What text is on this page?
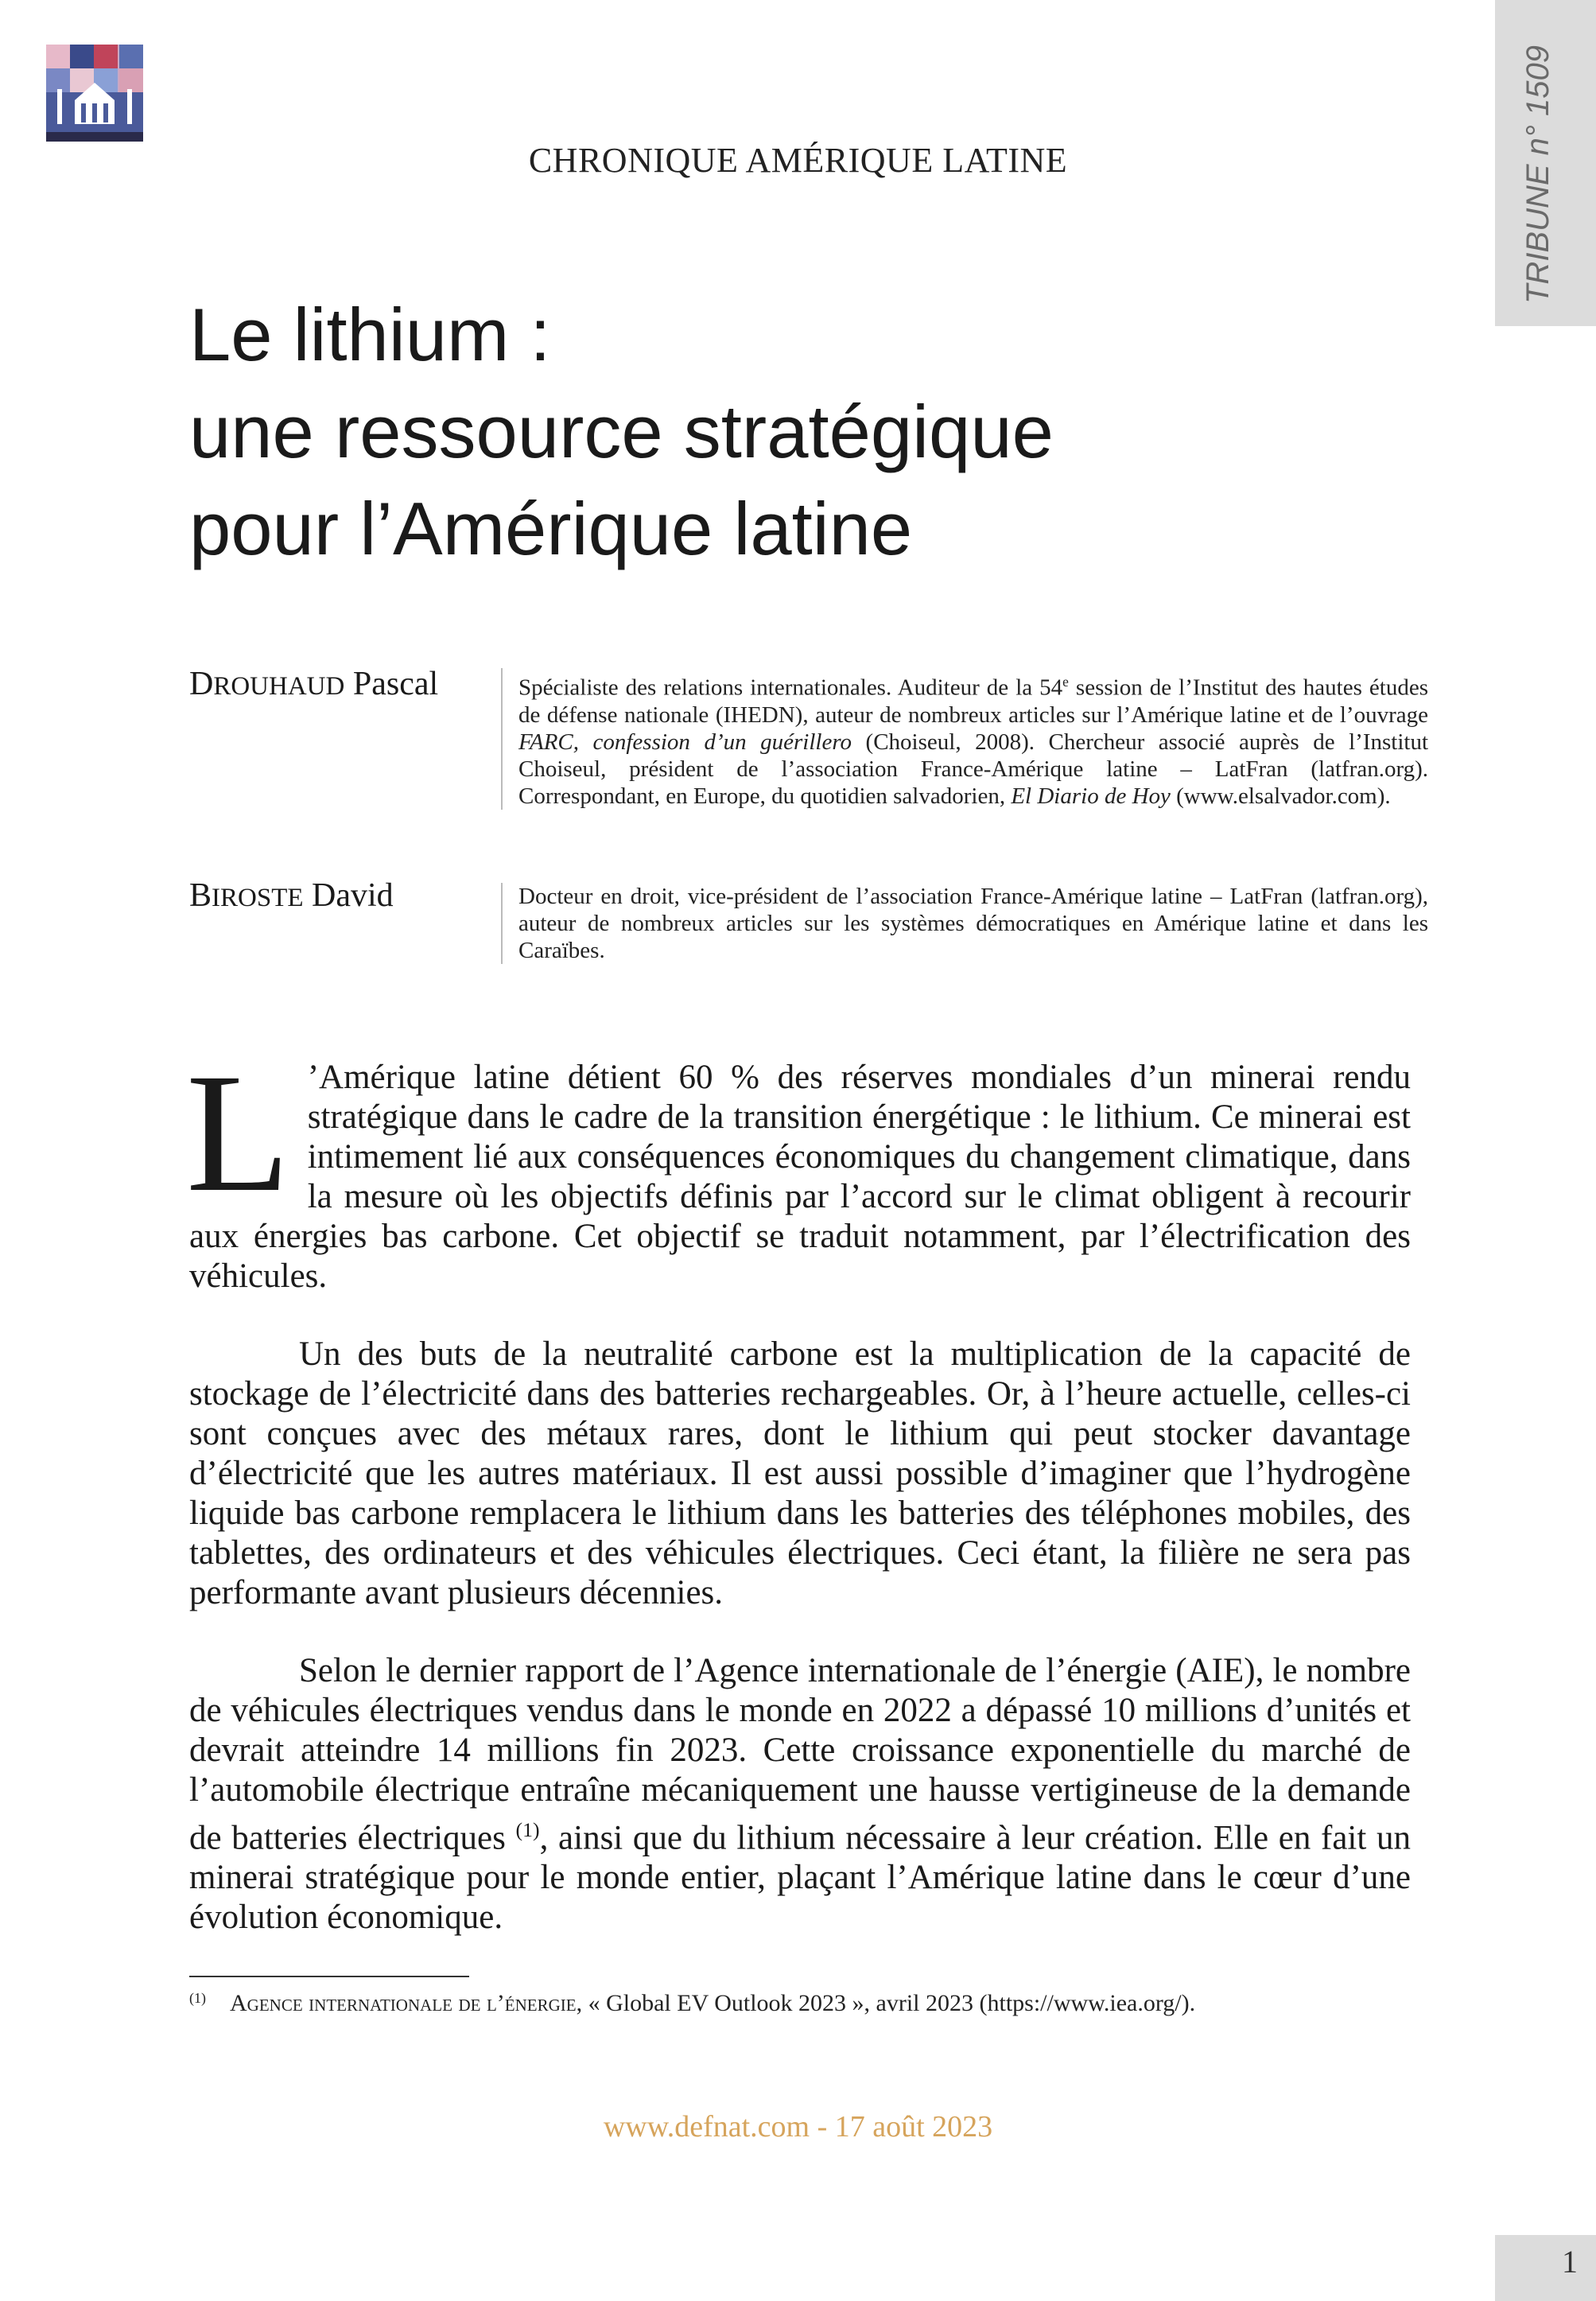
TRIBUNE n° 1509
CHRONIQUE AMÉRIQUE LATINE
Le lithium :
une ressource stratégique
pour l’Amérique latine
DROUHAUD Pascal	Spécialiste des relations internationales. Auditeur de la 54e session de l’Institut des hautes études de défense nationale (IHEDN), auteur de nombreux articles sur l’Amérique latine et de l’ouvrage FARC, confession d’un guérillero (Choiseul, 2008). Chercheur associé auprès de l’Institut Choiseul, président de l’association France-Amérique latine – LatFran (latfran.org). Correspondant, en Europe, du quotidien salvadorien, El Diario de Hoy (www.elsalvador.com).
BIROSTE David	Docteur en droit, vice-président de l’association France-Amérique latine – LatFran (latfran.org), auteur de nombreux articles sur les systèmes démocratiques en Amérique latine et dans les Caraïbes.
L ’Amérique latine détient 60 % des réserves mondiales d’un minerai rendu stratégique dans le cadre de la transition énergétique : le lithium. Ce minerai est intimement lié aux conséquences économiques du changement climatique, dans la mesure où les objectifs définis par l’accord sur le climat obligent à recourir aux énergies bas carbone. Cet objectif se traduit notamment, par l’électrification des véhicules.
Un des buts de la neutralité carbone est la multiplication de la capacité de stockage de l’électricité dans des batteries rechargeables. Or, à l’heure actuelle, celles-ci sont conçues avec des métaux rares, dont le lithium qui peut stocker davantage d’électricité que les autres matériaux. Il est aussi possible d’imaginer que l’hydrogène liquide bas carbone remplacera le lithium dans les batteries des téléphones mobiles, des tablettes, des ordinateurs et des véhicules électriques. Ceci étant, la filière ne sera pas performante avant plusieurs décennies.
Selon le dernier rapport de l’Agence internationale de l’énergie (AIE), le nombre de véhicules électriques vendus dans le monde en 2022 a dépassé 10 millions d’unités et devrait atteindre 14 millions fin 2023. Cette croissance exponentielle du marché de l’automobile électrique entraîne mécaniquement une hausse vertigineuse de la demande de batteries électriques $^{(1)}$, ainsi que du lithium nécessaire à leur création. Elle en fait un minerai stratégique pour le monde entier, plaçant l’Amérique latine dans le cœur d’une évolution économique.
$^{(1)}$ Agence internationale de l’énergie, « Global EV Outlook 2023 », avril 2023 (https://www.iea.org/).
www.defnat.com - 17 août 2023
1
